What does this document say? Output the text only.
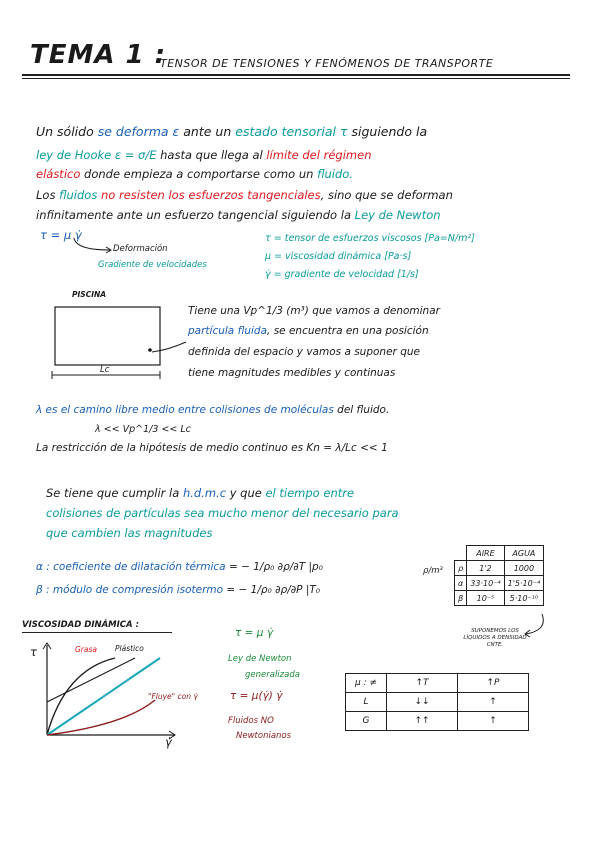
TEMA 1 :
TENSOR DE TENSIONES Y FENÓMENOS DE TRANSPORTE
Un sólido se deforma ε ante un estado tensorial τ siguiendo la
ley de Hooke ε = σ/E hasta que llega al límite del régimen
elástico donde empieza a comportarse como un fluido.
Los fluidos no resisten los esfuerzos tangenciales, sino que se deforman
infinitamente ante un esfuerzo tangencial siguiendo la Ley de Newton
τ = μ γ̇
Deformación
Gradiente de velocidades
τ = tensor de esfuerzos viscosos [Pa=N/m²]
μ = viscosidad dinámica [Pa·s]
γ̇ = gradiente de velocidad [1/s]
PISCINA
Lc
Tiene una Vp^1/3 (m³) que vamos a denominar
partícula fluida, se encuentra en una posición
definida del espacio y vamos a suponer que
tiene magnitudes medibles y continuas
λ es el camino libre medio entre colisiones de moléculas del fluido.
λ << Vp^1/3 << Lc
La restricción de la hipótesis de medio continuo es Kn = λ/Lc << 1
Se tiene que cumplir la h.d.m.c y que el tiempo entre
colisiones de partículas sea mucho menor del necesario para
que cambien las magnitudes
α : coeficiente de dilatación térmica = − 1/ρ₀ ∂ρ/∂T |p₀
β : módulo de compresión isotermo = − 1/ρ₀ ∂ρ/∂P |T₀
ρ/m³
	AIRE	AGUA
ρ	1'2	1000
α	33·10⁻⁴	1'5·10⁻⁴
β	10⁻⁵	5·10⁻¹⁰
SUPONEMOS LOS LÍQUIDOS A DENSIDAD CNTE.
VISCOSIDAD DINÁMICA :
τ
γ̇
Grasa Plástico
"Fluye" con γ̇
τ = μ γ̇
Ley de Newton
generalizada
τ = μ(γ̇) γ̇
Fluidos NO
Newtonianos
μ : ≠	↑T	↑P
L	↓↓	↑
G	↑↑	↑
